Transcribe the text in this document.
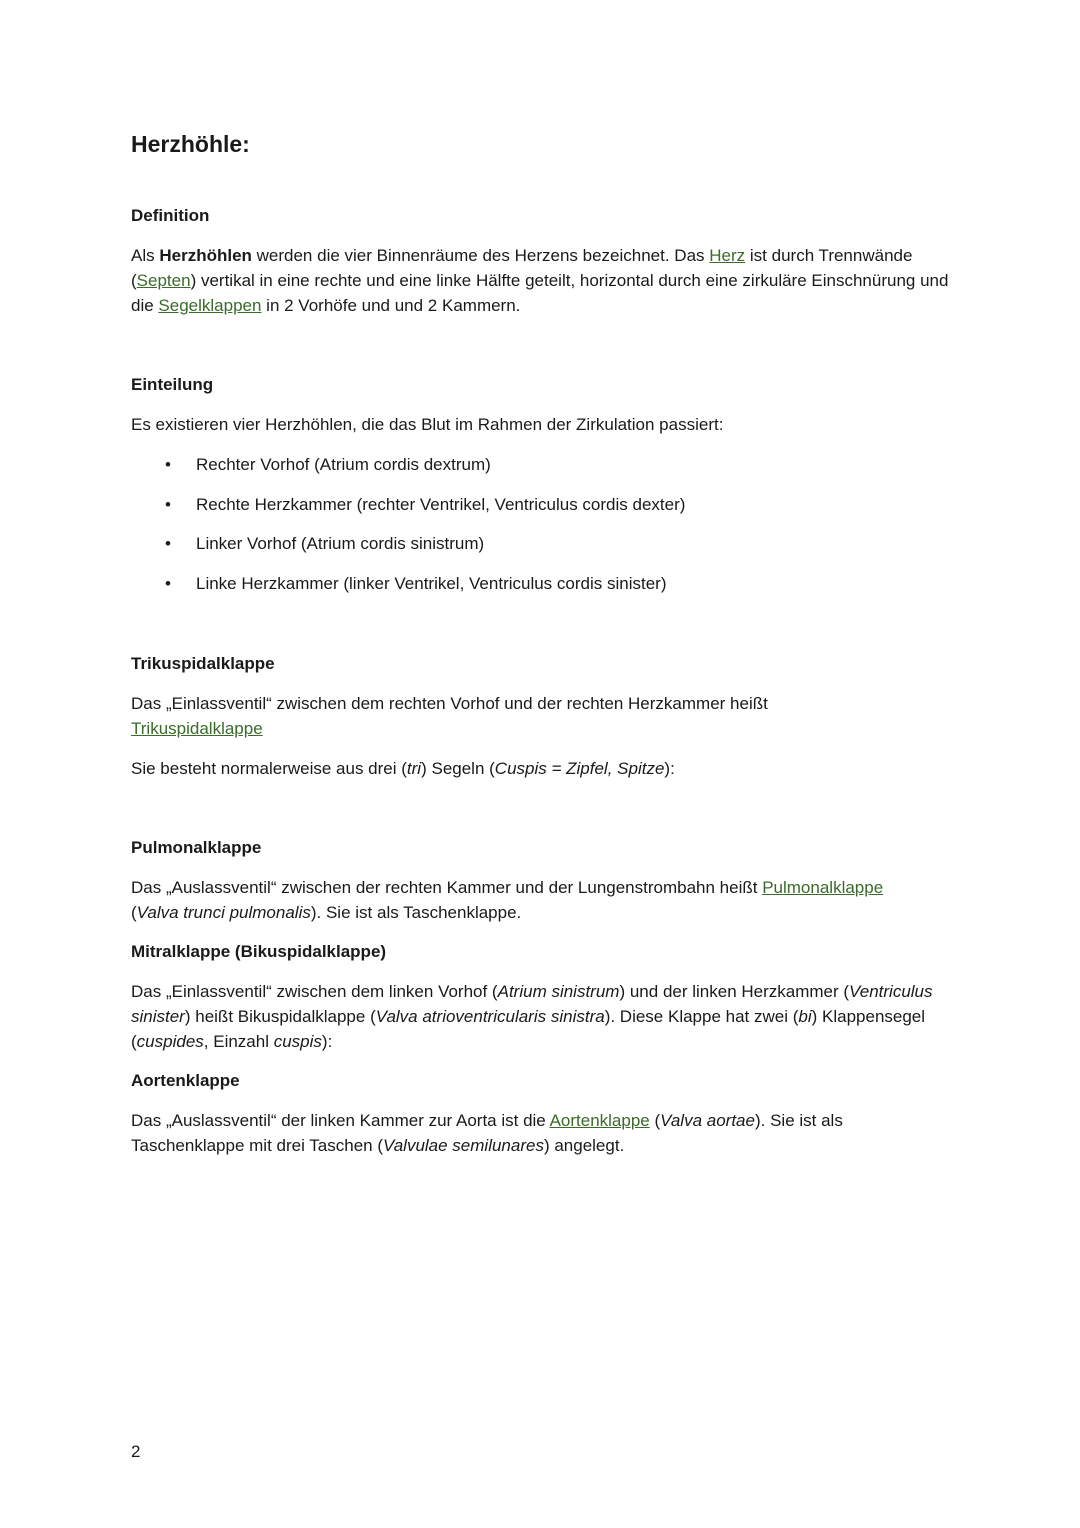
Herzhöhle:
Definition

Als Herzhöhlen werden die vier Binnenräume des Herzens bezeichnet. Das Herz ist durch Trennwände (Septen) vertikal in eine rechte und eine linke Hälfte geteilt, horizontal durch eine zirkuläre Einschnürung und die Segelklappen in 2 Vorhöfe und und 2 Kammern.

Einteilung

Es existieren vier Herzhöhlen, die das Blut im Rahmen der Zirkulation passiert:

• Rechter Vorhof (Atrium cordis dextrum)
• Rechte Herzkammer (rechter Ventrikel, Ventriculus cordis dexter)
• Linker Vorhof (Atrium cordis sinistrum)
• Linke Herzkammer (linker Ventrikel, Ventriculus cordis sinister)
Trikuspidalklappe

Das „Einlassventil“ zwischen dem rechten Vorhof und der rechten Herzkammer heißt
Trikuspidalklappe

Sie besteht normalerweise aus drei (tri) Segeln (Cuspis = Zipfel, Spitze):

Pulmonalklappe

Das „Auslassventil“ zwischen der rechten Kammer und der Lungenstrombahn heißt Pulmonalklappe
(Valva trunci pulmonalis). Sie ist als Taschenklappe.

Mitralklappe (Bikuspidalklappe)

Das „Einlassventil“ zwischen dem linken Vorhof (Atrium sinistrum) und der linken Herzkammer (Ventriculus sinister) heißt Bikuspidalklappe (Valva atrioventricularis sinistra). Diese Klappe hat zwei (bi) Klappensegel (cuspides, Einzahl cuspis):

Aortenklappe

Das „Auslassventil“ der linken Kammer zur Aorta ist die Aortenklappe (Valva aortae). Sie ist als Taschenklappe mit drei Taschen (Valvulae semilunares) angelegt.

2
